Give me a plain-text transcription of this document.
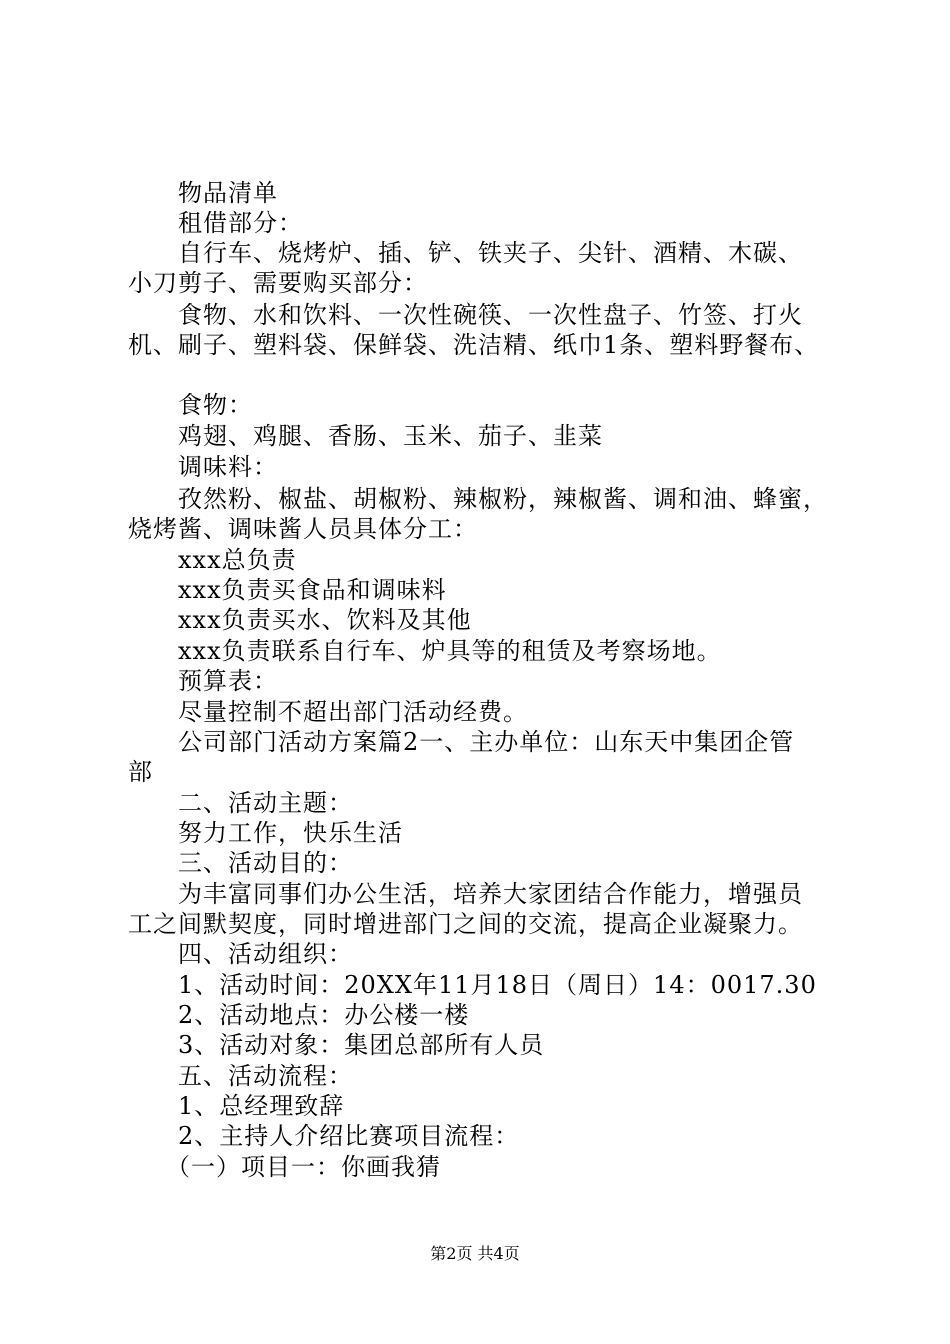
物品清单
租借部分：
自行车、烧烤炉、插、铲、铁夹子、尖针、酒精、木碳、
小刀剪子、需要购买部分：
食物、水和饮料、一次性碗筷、一次性盘子、竹签、打火
机、刷子、塑料袋、保鲜袋、洗洁精、纸巾1条、塑料野餐布、
食物：
鸡翅、鸡腿、香肠、玉米、茄子、韭菜
调味料：
孜然粉、椒盐、胡椒粉、辣椒粉，辣椒酱、调和油、蜂蜜，
烧烤酱、调味酱人员具体分工：
xxx总负责
xxx负责买食品和调味料
xxx负责买水、饮料及其他
xxx负责联系自行车、炉具等的租赁及考察场地。
预算表：
尽量控制不超出部门活动经费。
公司部门活动方案篇2一、主办单位：山东天中集团企管
部
二、活动主题：
努力工作，快乐生活
三、活动目的：
为丰富同事们办公生活，培养大家团结合作能力，增强员
工之间默契度，同时增进部门之间的交流，提高企业凝聚力。
四、活动组织：
1、活动时间：20XX年11月18日（周日）14：0017.30
2、活动地点：办公楼一楼
3、活动对象：集团总部所有人员
五、活动流程：
1、总经理致辞
2、主持人介绍比赛项目流程：
（一）项目一：你画我猜
第2页 共4页
